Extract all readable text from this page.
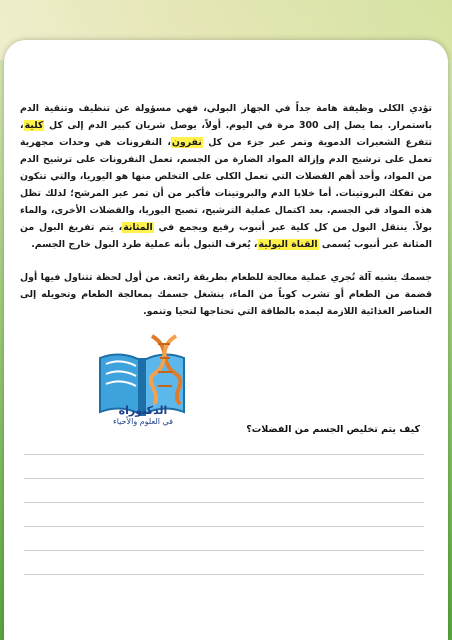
تؤدي الكلى وظيفة هامة جداً في الجهاز البولي، فهي مسؤولة عن تنظيف وتنقية الدم باستمرار. بما يصل إلى 300 مرة في اليوم. أولاً، يوصل شريان كبير الدم إلى كل كلية، تتفرع الشعيرات الدموية وتمر عبر جزء من كل نفرون، النفرونات هي وحدات مجهرية تعمل على ترشيح الدم وإزالة المواد الضارة من الجسم، تعمل النفرونات على ترشيح الدم من المواد، وأحد أهم الفضلات التي تعمل الكلى على التخلص منها هو اليوريا، والتي تتكون من تفكك البروتينات. أما خلايا الدم والبروتينات فأكبر من أن تمر عبر المرشح؛ لذلك تظل هذه المواد في الجسم. بعد اكتمال عملية الترشيح، تصبح اليوريا، والفضلات الأخرى، والماء بولاً. ينتقل البول من كل كلية عبر أنبوب رفيع ويجمع في المثانة، يتم تفريغ البول من المثانة عبر أنبوب يُسمى القناة البولية، يُعرف التبول بأنه عملية طرد البول خارج الجسم.

جسمك يشبه آلة تُجري عملية معالجة للطعام بطريقة رائعة. من أول لحظة تتناول فيها أول قضمة من الطعام أو تشرب كوباً من الماء، ينشغل جسمك بمعالجة الطعام وتحويله إلى العناصر الغذائية اللازمة ليمده بالطاقة التي تحتاجها لتحيا وتنمو.

الدكتوراة
في العلوم والأحياء
كيف يتم تخليص الجسم من الفضلات؟
